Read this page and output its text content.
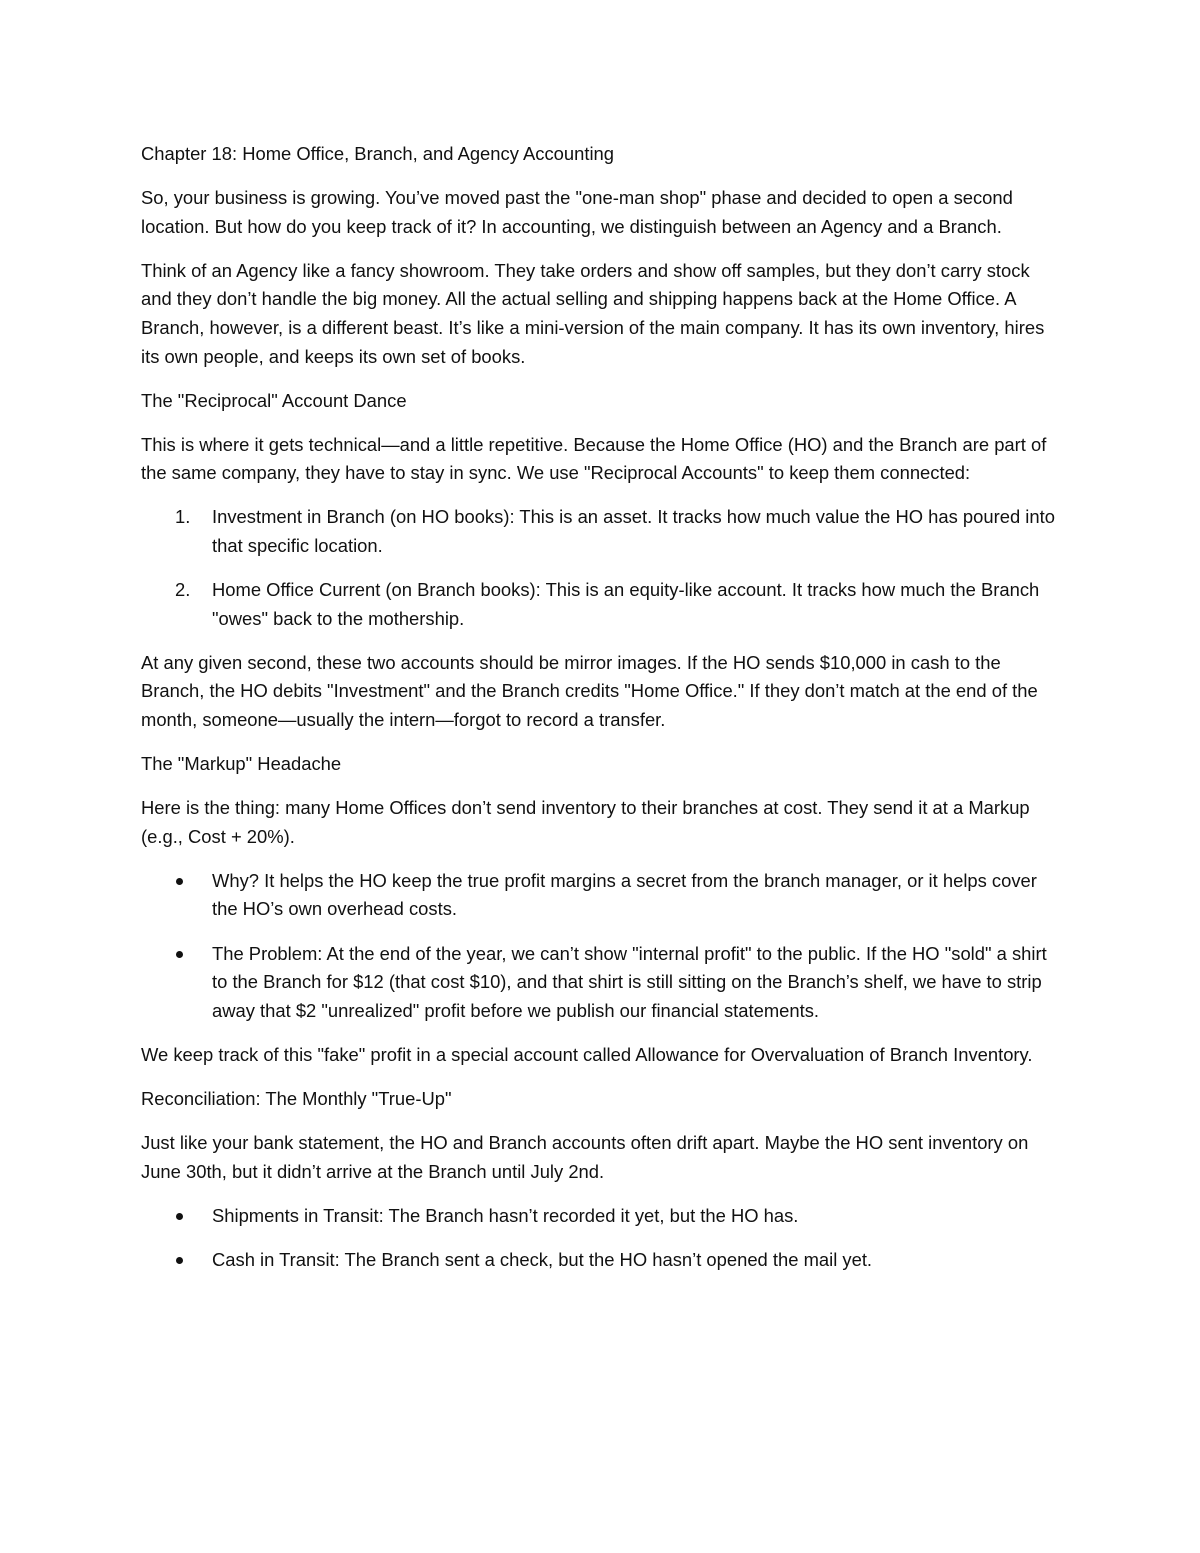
Chapter 18: Home Office, Branch, and Agency Accounting

So, your business is growing. You’ve moved past the "one-man shop" phase and decided to open a second location. But how do you keep track of it? In accounting, we distinguish between an Agency and a Branch.

Think of an Agency like a fancy showroom. They take orders and show off samples, but they don’t carry stock and they don’t handle the big money. All the actual selling and shipping happens back at the Home Office. A Branch, however, is a different beast. It’s like a mini-version of the main company. It has its own inventory, hires its own people, and keeps its own set of books.

The "Reciprocal" Account Dance

This is where it gets technical—and a little repetitive. Because the Home Office (HO) and the Branch are part of the same company, they have to stay in sync. We use "Reciprocal Accounts" to keep them connected:

1. Investment in Branch (on HO books): This is an asset. It tracks how much value the HO has poured into that specific location.
2. Home Office Current (on Branch books): This is an equity-like account. It tracks how much the Branch "owes" back to the mothership.

At any given second, these two accounts should be mirror images. If the HO sends $10,000 in cash to the Branch, the HO debits "Investment" and the Branch credits "Home Office." If they don’t match at the end of the month, someone—usually the intern—forgot to record a transfer.

The "Markup" Headache

Here is the thing: many Home Offices don’t send inventory to their branches at cost. They send it at a Markup (e.g., Cost + 20%).

Why? It helps the HO keep the true profit margins a secret from the branch manager, or it helps cover the HO’s own overhead costs.
The Problem: At the end of the year, we can’t show "internal profit" to the public. If the HO "sold" a shirt to the Branch for $12 (that cost $10), and that shirt is still sitting on the Branch’s shelf, we have to strip away that $2 "unrealized" profit before we publish our financial statements.

We keep track of this "fake" profit in a special account called Allowance for Overvaluation of Branch Inventory.

Reconciliation: The Monthly "True-Up"

Just like your bank statement, the HO and Branch accounts often drift apart. Maybe the HO sent inventory on June 30th, but it didn’t arrive at the Branch until July 2nd.

Shipments in Transit: The Branch hasn’t recorded it yet, but the HO has.
Cash in Transit: The Branch sent a check, but the HO hasn’t opened the mail yet.
